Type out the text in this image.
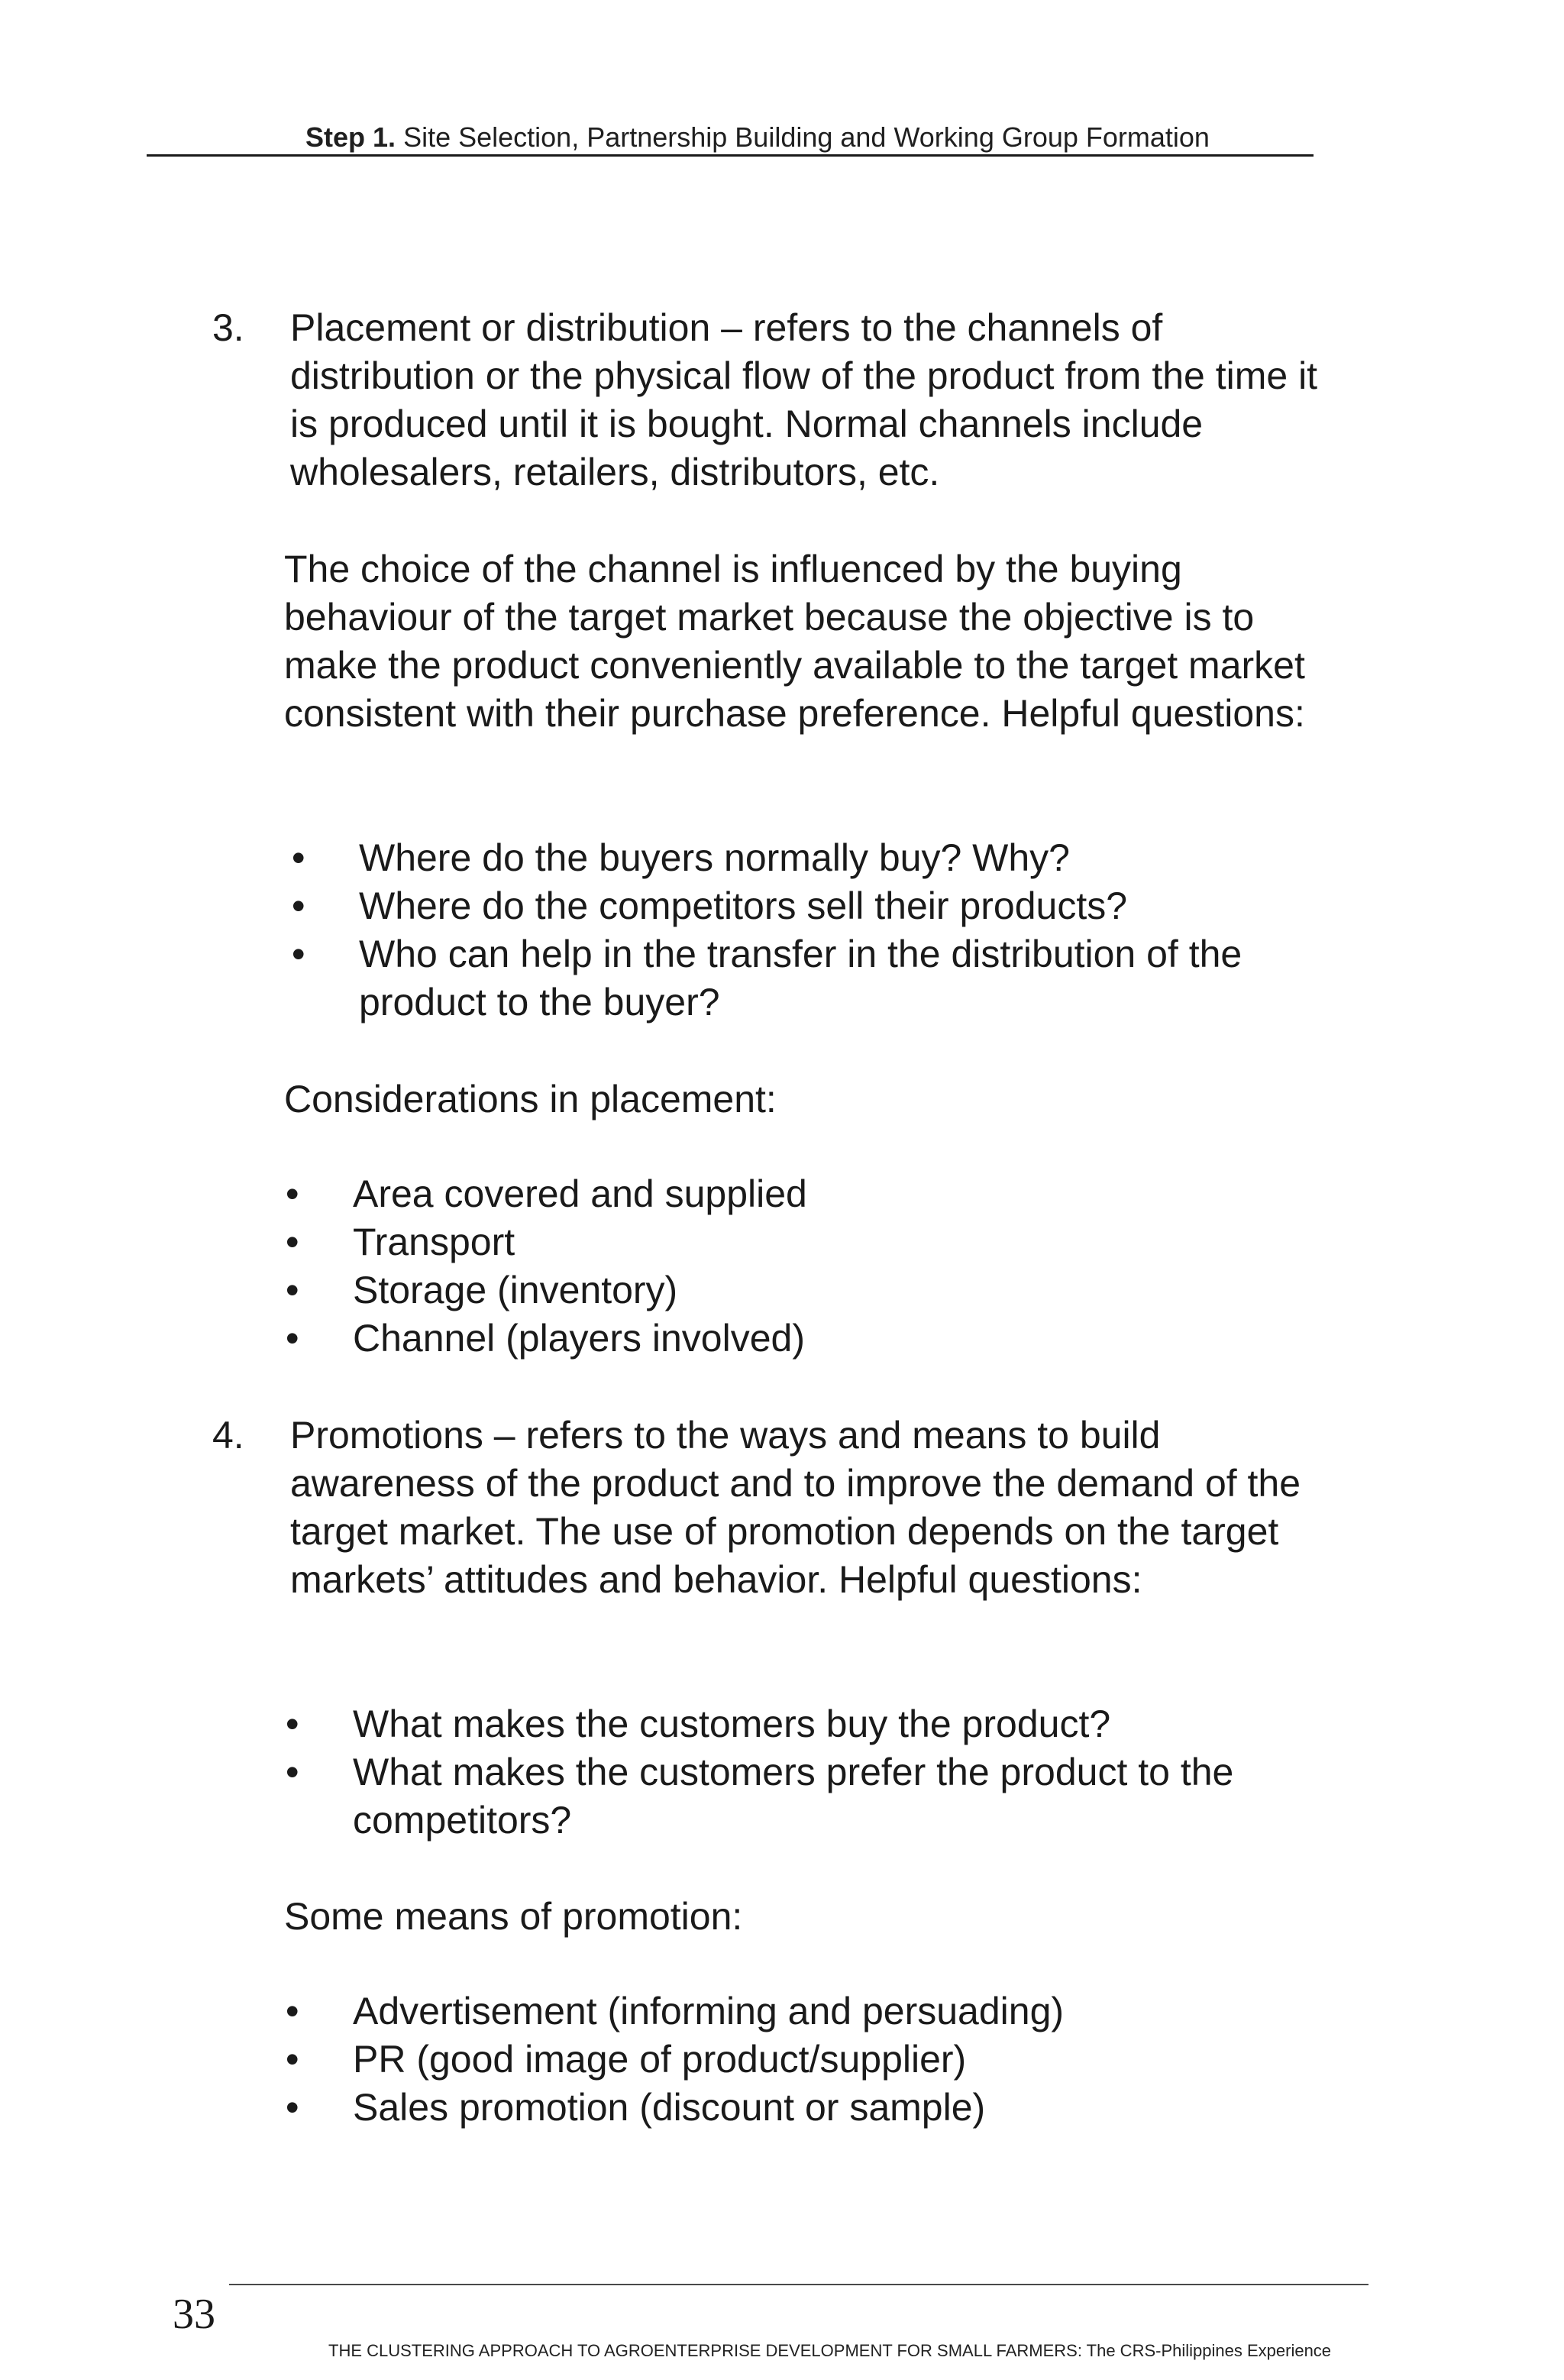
Step 1. Site Selection, Partnership Building and Working Group Formation
3. Placement or distribution – refers to the channels of distribution or the physical flow of the product from the time it is produced until it is bought. Normal channels include wholesalers, retailers, distributors, etc.

The choice of the channel is influenced by the buying behaviour of the target market because the objective is to make the product conveniently available to the target market consistent with their purchase preference. Helpful questions:

• Where do the buyers normally buy? Why?
• Where do the competitors sell their products?
• Who can help in the transfer in the distribution of the product to the buyer?

Considerations in placement:

• Area covered and supplied
• Transport
• Storage (inventory)
• Channel (players involved)
4. Promotions – refers to the ways and means to build awareness of the product and to improve the demand of the target market. The use of promotion depends on the target markets’ attitudes and behavior. Helpful questions:

• What makes the customers buy the product?
• What makes the customers prefer the product to the competitors?

Some means of promotion:

• Advertisement (informing and persuading)
• PR (good image of product/supplier)
• Sales promotion (discount or sample)
33
THE CLUSTERING APPROACH TO AGROENTERPRISE DEVELOPMENT FOR SMALL FARMERS: The CRS-Philippines Experience
